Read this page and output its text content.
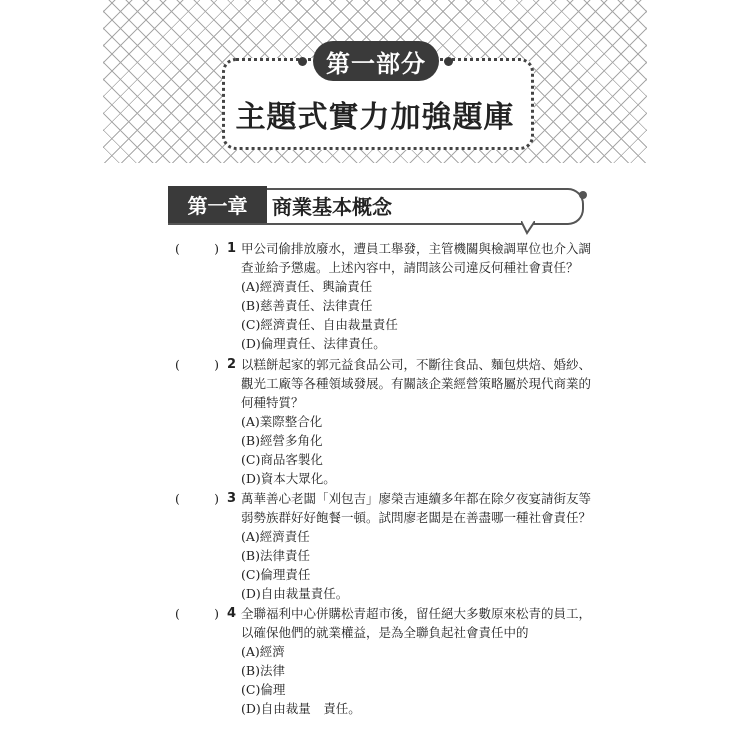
第一部分
主題式實力加強題庫
第一章	商業基本概念
(	) 1 甲公司偷排放廢水，遭員工舉發，主管機關與檢調單位也介入調
查並給予懲處。上述內容中，請問該公司違反何種社會責任？
(A)經濟責任、輿論責任
(B)慈善責任、法律責任
(C)經濟責任、自由裁量責任
(D)倫理責任、法律責任。
(	) 2 以糕餅起家的郭元益食品公司，不斷往食品、麵包烘焙、婚紗、
觀光工廠等各種領域發展。有關該企業經營策略屬於現代商業的
何種特質？
(A)業際整合化
(B)經營多角化
(C)商品客製化
(D)資本大眾化。
(	) 3 萬華善心老闆「刈包吉」廖榮吉連續多年都在除夕夜宴請街友等
弱勢族群好好飽餐一頓。試問廖老闆是在善盡哪一種社會責任？
(A)經濟責任
(B)法律責任
(C)倫理責任
(D)自由裁量責任。
(	) 4 全聯福利中心併購松青超市後，留任絕大多數原來松青的員工，
以確保他們的就業權益，是為全聯負起社會責任中的
(A)經濟
(B)法律
(C)倫理
(D)自由裁量　責任。
